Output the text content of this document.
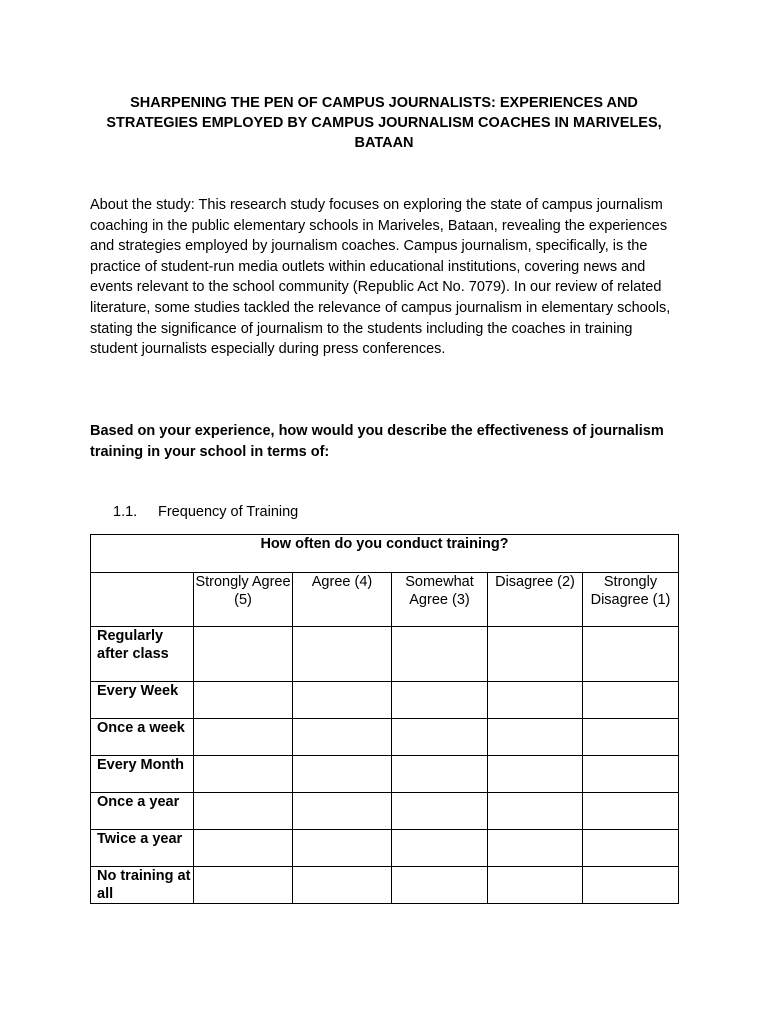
SHARPENING THE PEN OF CAMPUS JOURNALISTS: EXPERIENCES AND STRATEGIES EMPLOYED BY CAMPUS JOURNALISM COACHES IN MARIVELES, BATAAN

About the study: This research study focuses on exploring the state of campus journalism coaching in the public elementary schools in Mariveles, Bataan, revealing the experiences and strategies employed by journalism coaches. Campus journalism, specifically, is the practice of student-run media outlets within educational institutions, covering news and events relevant to the school community (Republic Act No. 7079). In our review of related literature, some studies tackled the relevance of campus journalism in elementary schools, stating the significance of journalism to the students including the coaches in training student journalists especially during press conferences.

Based on your experience, how would you describe the effectiveness of journalism training in your school in terms of:

1.1. Frequency of Training
How often do you conduct training?					
	Strongly Agree (5)	Agree (4)	Somewhat Agree (3)	Disagree (2)	Strongly Disagree (1)
Regularly after class					
Every Week					
Once a week					
Every Month					
Once a year					
Twice a year					
No training at all					
